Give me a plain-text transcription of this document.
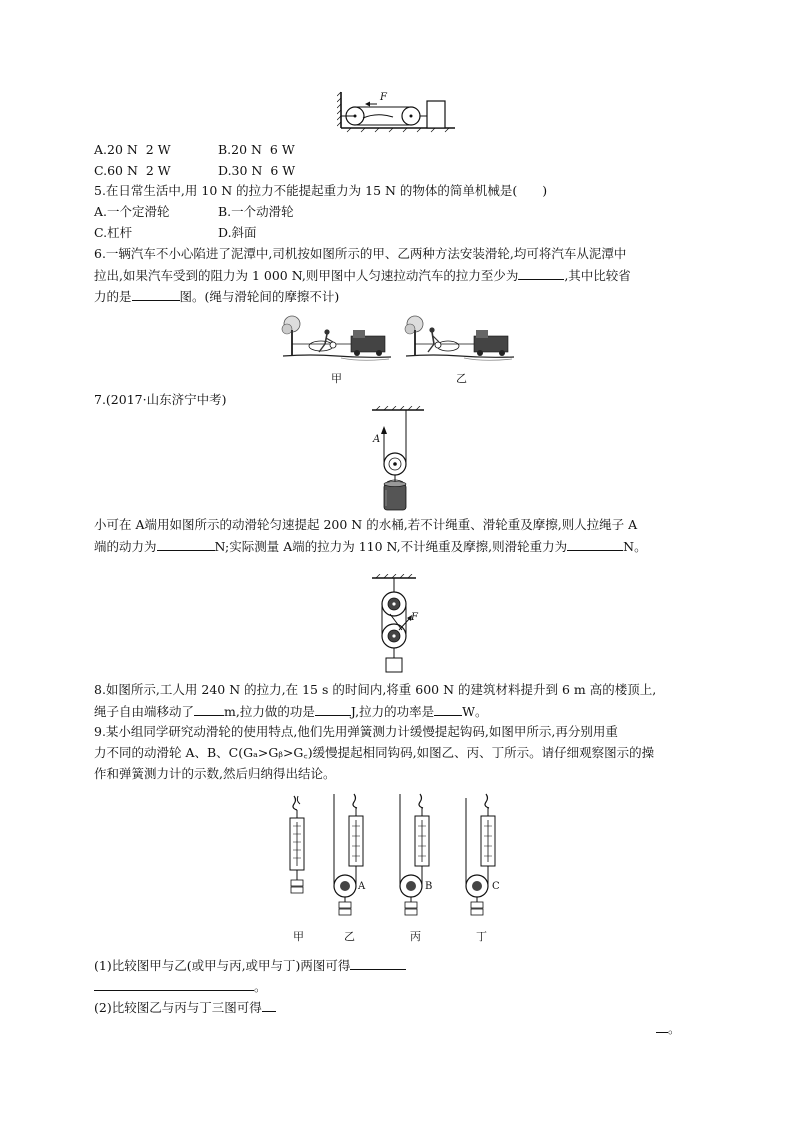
F
A.20 N  2 W	B.20 N  6 W
C.60 N  2 W	D.30 N  6 W
5.在日常生活中,用 10 N 的拉力不能提起重力为 15 N 的物体的简单机械是(　　)
A.一个定滑轮	B.一个动滑轮
C.杠杆	D.斜面
6.一辆汽车不小心陷进了泥潭中,司机按如图所示的甲、乙两种方法安装滑轮,均可将汽车从泥潭中
拉出,如果汽车受到的阻力为 1 000 N,则甲图中人匀速拉动汽车的拉力至少为	,其中比较省
力的是	图。(绳与滑轮间的摩擦不计)
甲	乙
7.(2017·山东济宁中考)
A
小可在 A端用如图所示的动滑轮匀速提起 200 N 的水桶,若不计绳重、滑轮重及摩擦,则人拉绳子 A
端的动力为	N;实际测量 A端的拉力为 110 N,不计绳重及摩擦,则滑轮重力为	N。
F
8.如图所示,工人用 240 N 的拉力,在 15 s 的时间内,将重 600 N 的建筑材料提升到 6 m 高的楼顶上,
绳子自由端移动了 m,拉力做的功是	J,拉力的功率是 W。
9.某小组同学研究动滑轮的使用特点,他们先用弹簧测力计缓慢提起钩码,如图甲所示,再分别用重
力不同的动滑轮 A、B、C(Gₐ>Gᵦ>G꜀)缓慢提起相同钩码,如图乙、丙、丁所示。请仔细观察图示的操
作和弹簧测力计的示数,然后归纳得出结论。
A	B	C
甲	乙	丙	丁
(1)比较图甲与乙(或甲与丙,或甲与丁)两图可得
。
(2)比较图乙与丙与丁三图可得
。
